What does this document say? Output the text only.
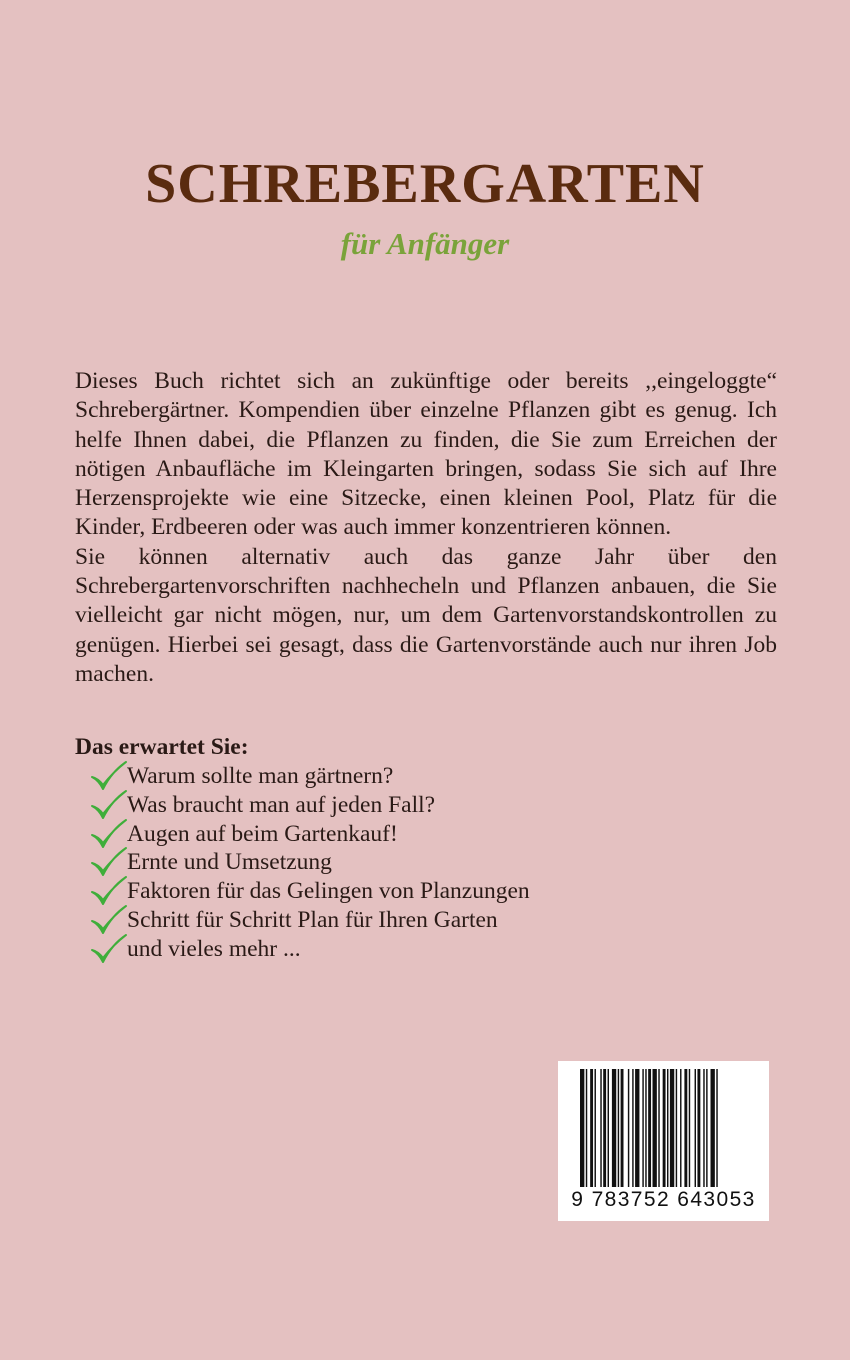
SCHREBERGARTEN
für Anfänger

Dieses Buch richtet sich an zukünftige oder bereits ,,eingeloggte“ Schrebergärtner. Kompendien über einzelne Pflanzen gibt es genug. Ich helfe Ihnen dabei, die Pflanzen zu finden, die Sie zum Erreichen der nötigen Anbaufläche im Kleingarten bringen, sodass Sie sich auf Ihre Herzensprojekte wie eine Sitzecke, einen kleinen Pool, Platz für die Kinder, Erdbeeren oder was auch immer konzentrieren können.

Sie können alternativ auch das ganze Jahr über den Schrebergartenvorschriften nachhecheln und Pflanzen anbauen, die Sie vielleicht gar nicht mögen, nur, um dem Gartenvorstandskontrollen zu genügen. Hierbei sei gesagt, dass die Gartenvorstände auch nur ihren Job machen.

Das erwartet Sie:
Warum sollte man gärtnern?
Was braucht man auf jeden Fall?
Augen auf beim Gartenkauf!
Ernte und Umsetzung
Faktoren für das Gelingen von Planzungen
Schritt für Schritt Plan für Ihren Garten
und vieles mehr ...
9 783752 643053
